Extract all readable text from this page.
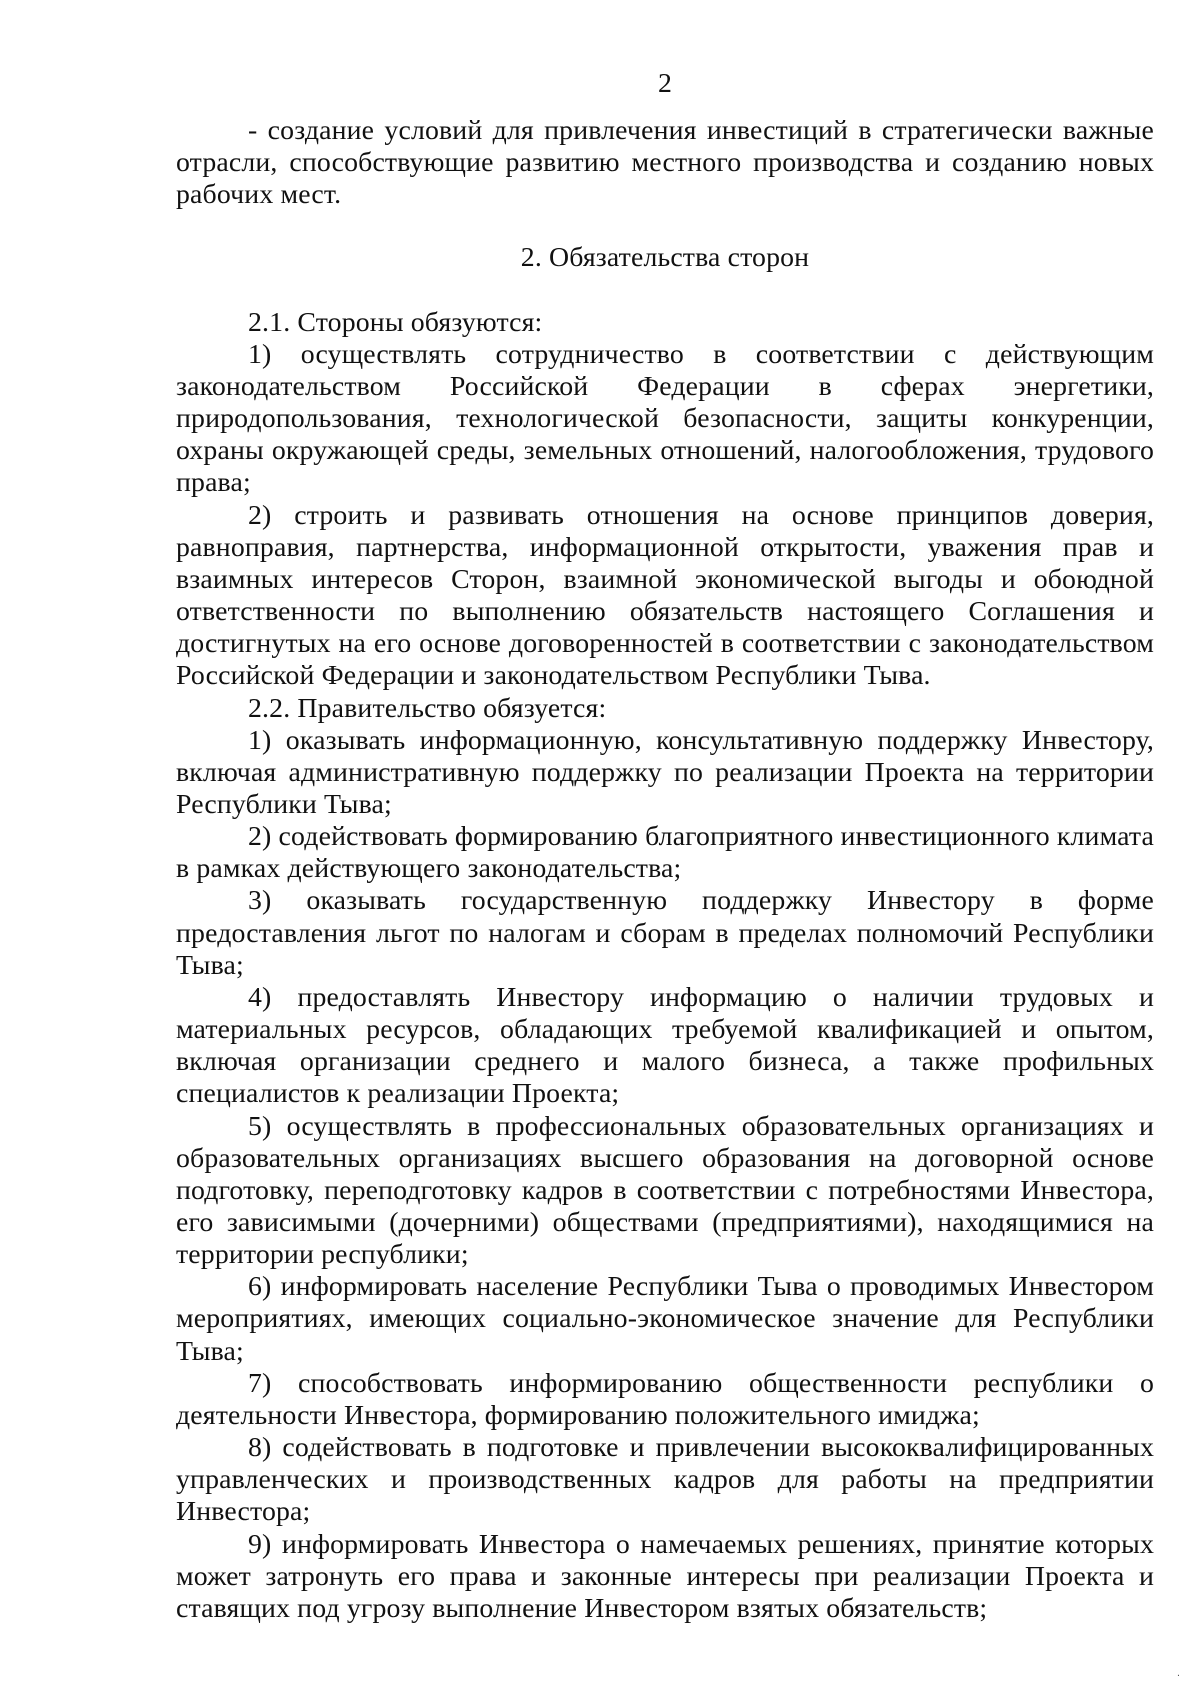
2

- создание условий для привлечения инвестиций в стратегически важные отрасли, способствующие развитию местного производства и созданию новых рабочих мест.

2. Обязательства сторон

2.1. Стороны обязуются:

1) осуществлять сотрудничество в соответствии с действующим законодательством Российской Федерации в сферах энергетики, природопользования, технологической безопасности, защиты конкуренции, охраны окружающей среды, земельных отношений, налогообложения, трудового права;

2) строить и развивать отношения на основе принципов доверия, равноправия, партнерства, информационной открытости, уважения прав и взаимных интересов Сторон, взаимной экономической выгоды и обоюдной ответственности по выполнению обязательств настоящего Соглашения и достигнутых на его основе договоренностей в соответствии с законодательством Российской Федерации и законодательством Республики Тыва.

2.2. Правительство обязуется:

1) оказывать информационную, консультативную поддержку Инвестору, включая административную поддержку по реализации Проекта на территории Республики Тыва;

2) содействовать формированию благоприятного инвестиционного климата в рамках действующего законодательства;

3) оказывать государственную поддержку Инвестору в форме предоставления льгот по налогам и сборам в пределах полномочий Республики Тыва;

4) предоставлять Инвестору информацию о наличии трудовых и материальных ресурсов, обладающих требуемой квалификацией и опытом, включая организации среднего и малого бизнеса, а также профильных специалистов к реализации Проекта;

5) осуществлять в профессиональных образовательных организациях и образовательных организациях высшего образования на договорной основе подготовку, переподготовку кадров в соответствии с потребностями Инвестора, его зависимыми (дочерними) обществами (предприятиями), находящимися на территории республики;

6) информировать население Республики Тыва о проводимых Инвестором мероприятиях, имеющих социально-экономическое значение для Республики Тыва;

7) способствовать информированию общественности республики о деятельности Инвестора, формированию положительного имиджа;

8) содействовать в подготовке и привлечении высококвалифицированных управленческих и производственных кадров для работы на предприятии Инвестора;

9) информировать Инвестора о намечаемых решениях, принятие которых может затронуть его права и законные интересы при реализации Проекта и ставящих под угрозу выполнение Инвестором взятых обязательств;

·
